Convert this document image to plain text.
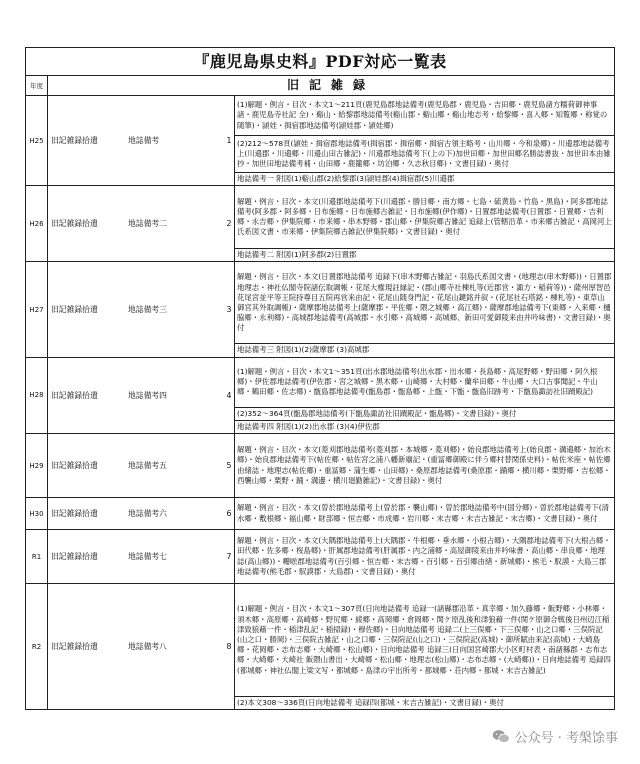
『鹿児島県史料』PDF対応一覧表
年度	旧記雑録
H25 旧記雑録拾遺	地誌備考	1
(1)解題・例言・目次・本文1〜211頁(鹿児島郡地誌備考(鹿児島郡・鹿児島・吉田郷・鹿児島諸方糯荷御神事諸・鹿児島寺社記 全)・谿山・給黎郡地誌備考(谿山郡・谿山郷・谿山地志考・給黎郷・喜入郷・知覧郷・称覚の随筆)・頴娃・揖宿郡地誌備考(頴娃郡・頴娃郷)
(2)212〜578頁(頴娃・揖宿郡地誌備考(揖宿郡・揖宿郷・揖宿古領主略考・山川郷・今和泉郷)・川邉郡地誌備考上(川邉郡・川邉郷・川邉山田古雑記)・川邉郡地誌備考下(上の下)加世田郷・加世田郷名勝誌書抜・加世田本由雑抄・加世田地誌備考補・山田郷・鹿籠郷・坊泊郷・久志秋目郷)・文書目録)・奥付
地誌備考一 附図(1)谿山郡(2)給黎郡(3)頴娃郡(4)揖宿郡(5)川邉郡
H26 旧記雑録拾遺	地誌備考二	2
解題・例言・目次・本文(川邉郡地誌備考下(川邉郡・勝目郷・南方郷・七島・硫黄島・竹島・黒島)・阿多郡地誌備考(阿多郡・阿多郷・日布施郷・日布施郷古雑記・日布施郷(伊作郷)・日置郡地誌備考(日置郡・日置郷・吉利郷・永吉郷・伊集院郷・市来郷・串木野郷・郡山郷・伊集院郷古雑記 追録上(管轄沿革・市来郷古雑記・高岡河上氏系図文書・市来郷・伊集院郷古雑記(伊集院郷)・文書目録)・奥付
地誌備考二 附図(1)阿多郡(2)日置郡
H27 旧記雑録拾遺	地誌備考三	3
解題・例言・目次・本文(日置郡地誌備考 追録下(串木野郷古雑記・羽島氏系図文書・(地理志(串木野郷))・日置郡地理志・神社仏閣寺院諸伝取調帳・花尾大権現註縁記・(郡山郷寺社棟札等(近郡営・諏方・稲荷等))・薩州厚智邑花尾宮並平等王院持尊目五院再営来由記・花尾山随身門記・花尾山鍵銘并叙・(花尾社石塔銘・棟札等)・東草山御宮其外取調帳)・薩摩郡地誌備考上(薩摩郡・平佐郷・隈之城郷・高江郷)・薩摩郡地誌備考下(東郷・入来郷・樋脇郷・永利郷)・高城郡地誌備考(高城郡・水引郷・高城郷・高城郷、新田可愛御陵来由并吟味書)・文書目録)・奥付
地誌備考三 附図(1)(2)薩摩郡 (3)高城郡
H28 旧記雑録拾遺	地誌備考四	4
(1)解題・例言・目次・本文1〜351頁(出水郡地誌備考(出水郡・出水郷・長島郷・高尾野郷・野田郷・阿久根郷)・伊佐郡地誌備考(伊佐郡・宮之城郷・黒木郷・山崎郷・大村郷・蘭牟田郷・牛山郷・大口古事聞記・牛山郷・鶴田郷・佐志郷)・甑島郡地誌備考(甑島郡・甑島郷・上甑・下甑・甑島旧跡考・下甑島諏訪社旧蹟殿記)
(2)352〜364頁(甑島郡地誌備考(下甑島諏訪社旧蹟殿記・甑島郷)・文書目録)・奥付
地誌備考四 附図(1)(2)出水郡 (3)(4)伊佐郡
H29 旧記雑録拾遺	地誌備考五	5
解題・例言・目次・本文(菱刈郡地誌備考(菱刈郡・本城郷・菱刈郷)・始良郡地誌備考上(始良郡・溝邉郷・加治木郷)・始良郡地誌備考下(帖佐郷・帖佐宮之浦八幡新廟記・(重冨郷御殿に伴う郷村替関係史料)・帖佐米座・帖佐郷由緒誌・地理志(帖佐郷)・重冨郷・蒲生郷・山田郷)・桑原郡地誌備考(桑原郡・踊郷・横川郷・栗野郷・吉松郷・西襲山郷・栗野・踊・溝邊・横川廻勤雑記)・文書目録)・奥付
H30 旧記雑録拾遺	地誌備考六	6
解題・例言・目次・本文(曽於郡地誌備考上(曽於郡・襲山郷)・曽於郡地誌備考中(国分郷)・曽於郡地誌備考下(清水郷・敷根郷・福山郷・財部郷・恒吉郷・市成郷・岩川郷・末吉郷・末吉古雑記・末吉郷)・文書目録)・奥付
R1	旧記雑録拾遺	地誌備考七	7
解題・例言・目次・本文(大隅郡地誌備考上(大隅郡・牛根郷・垂水郷・小根占郷)・大隅郡地誌備考下(大根占郷・田代郷・佐多郷・桜島郷)・肝属郡地誌備考(肝属郡・内之浦郷・高屋御陵来由并吟味書・高山郷・串良郷・地理誌(高山郷))・囎唹郡地誌備考(百引郷・恒吉郷・末吉郷・百引郷・百引郷由緒・新城郷)・熊毛・馭謨・大島三郡地誌備考(熊毛郡・馭謨郡・大島郡)・文書目録)・奥付
R2	旧記雑録拾遺	地誌備考八	8
(1)解題・例言・目次・本文1〜307頁(日向地誌備考 追録一(諸縣郡沿革・真幸郷・加久藤郷・飯野郷・小林郷・須木郷・高原郷・高崎郷・野尻郷・綾郷・高岡郷・倉岡郷・関ケ原乱後和津狼藉一件(関ケ原御合戦後日州辺江稲津致狼藉一件・稲津乱記・稲掃録)・穆佐郷)・日向地誌備考 追録二(上三俣郷・下三俣郷・山之口郷・三俣院記(山之口・勝岡)・三俣院古雑記・山之口郷・三俣院記(山之口)・三俣院記(高城)・御所賦由来記(高城)・大崎島郷・花岡郷・志布志郷・大崎郷・松山郷)・日向地誌備考 追録三(日向国宮崎郡大小区町村表・南諸縣郡・志布志郷・大崎郷・大崎社 飯隈山書出・大崎郷・松山郷・地理志(松山郷)・志布志郷・(大崎郷))・日向地誌備考 追録四(都城郷・神社仏閣上梁文写・都城郷・島津の宇出所考・都城郷・荘内郷・都城・末吉古雑記)
(2)本文308〜336頁(日向地誌備考 追録四(都城・末吉古雑記)・文書目録)・奥付
公众号 · 考槃馀事
